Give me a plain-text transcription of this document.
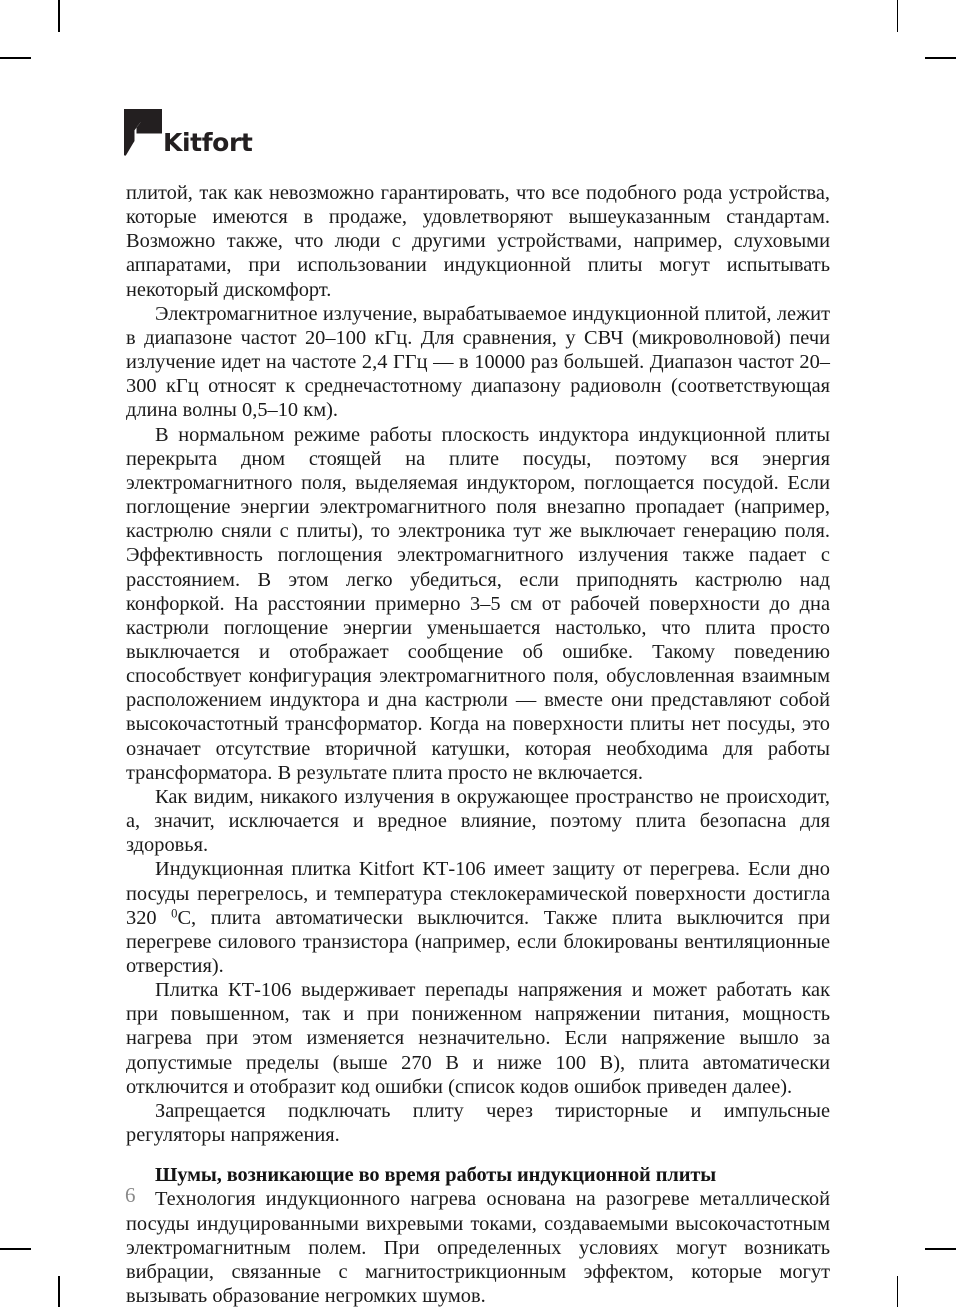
Kitfort

плитой, так как невозможно гарантировать, что все подобного рода устройства, которые имеются в продаже, удовлетворяют вышеуказанным стандартам. Возможно также, что люди с другими устройствами, например, слуховыми аппаратами, при использовании индукционной плиты могут испытывать некоторый дискомфорт.

Электромагнитное излучение, вырабатываемое индукционной плитой, лежит в диапазоне частот 20–100 кГц. Для сравнения, у СВЧ (микроволновой) печи излучение идет на частоте 2,4 ГГц — в 10000 раз большей. Диапазон частот 20–300 кГц относят к среднечастотному диапазону радиоволн (соответствующая длина волны 0,5–10 км).

В нормальном режиме работы плоскость индуктора индукционной плиты перекрыта дном стоящей на плите посуды, поэтому вся энергия электромагнитного поля, выделяемая индуктором, поглощается посудой. Если поглощение энергии электромагнитного поля внезапно пропадает (например, кастрюлю сняли с плиты), то электроника тут же выключает генерацию поля. Эффективность поглощения электромагнитного излучения также падает с расстоянием. В этом легко убедиться, если приподнять кастрюлю над конфоркой. На расстоянии примерно 3–5 см от рабочей поверхности до дна кастрюли поглощение энергии уменьшается настолько, что плита просто выключается и отображает сообщение об ошибке. Такому поведению способствует конфигурация электромагнитного поля, обусловленная взаимным расположением индуктора и дна кастрюли — вместе они представляют собой высокочастотный трансформатор. Когда на поверхности плиты нет посуды, это означает отсутствие вторичной катушки, которая необходима для работы трансформатора. В результате плита просто не включается.

Как видим, никакого излучения в окружающее пространство не происходит, а, значит, исключается и вредное влияние, поэтому плита безопасна для здоровья.

Индукционная плитка Kitfort КТ-106 имеет защиту от перегрева. Если дно посуды перегрелось, и температура стеклокерамической поверхности достигла 320 $^0$С, плита автоматически выключится. Также плита выключится при перегреве силового транзистора (например, если блокированы вентиляционные отверстия).

Плитка КТ-106 выдерживает перепады напряжения и может работать как при повышенном, так и при пониженном напряжении питания, мощность нагрева при этом изменяется незначительно. Если напряжение вышло за допустимые пределы (выше 270 В и ниже 100 В), плита автоматически отключится и отобразит код ошибки (список кодов ошибок приведен далее).

Запрещается подключать плиту через тиристорные и импульсные регуляторы напряжения.

Шумы, возникающие во время работы индукционной плиты

Технология индукционного нагрева основана на разогреве металлической посуды индуцированными вихревыми токами, создаваемыми высокочастотным электромагнитным полем. При определенных условиях могут возникать вибрации, связанные с магнитострикционным эффектом, которые могут вызывать образование негромких шумов.

6
